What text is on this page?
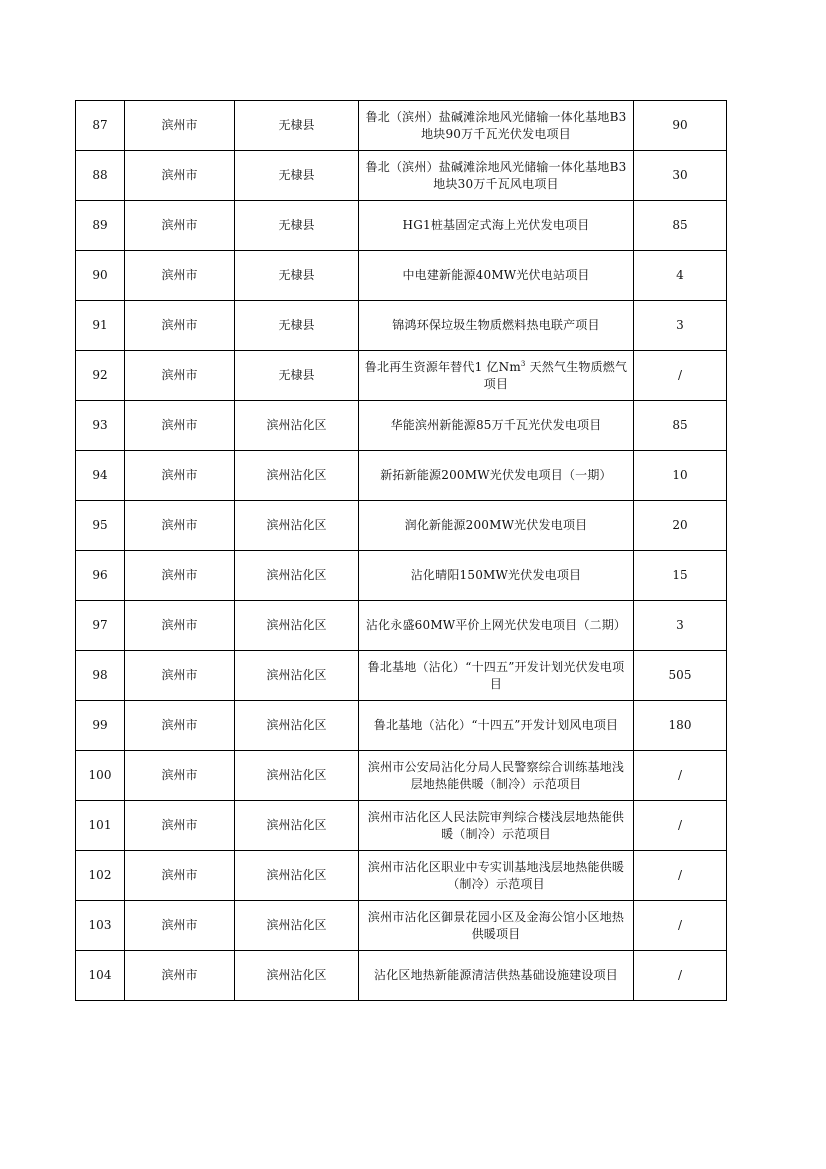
87	滨州市	无棣县	鲁北（滨州）盐碱滩涂地风光储输一体化基地B3地块90万千瓦光伏发电项目	90
88	滨州市	无棣县	鲁北（滨州）盐碱滩涂地风光储输一体化基地B3地块30万千瓦风电项目	30
89	滨州市	无棣县	HG1桩基固定式海上光伏发电项目	85
90	滨州市	无棣县	中电建新能源40MW光伏电站项目	4
91	滨州市	无棣县	锦鸿环保垃圾生物质燃料热电联产项目	3
92	滨州市	无棣县	鲁北再生资源年替代1 亿Nm$^3$ 天然气生物质燃气项目	/
93	滨州市	滨州沾化区	华能滨州新能源85万千瓦光伏发电项目	85
94	滨州市	滨州沾化区	新拓新能源200MW光伏发电项目（一期）	10
95	滨州市	滨州沾化区	润化新能源200MW光伏发电项目	20
96	滨州市	滨州沾化区	沾化晴阳150MW光伏发电项目	15
97	滨州市	滨州沾化区	沾化永盛60MW平价上网光伏发电项目（二期）	3
98	滨州市	滨州沾化区	鲁北基地（沾化）“十四五”开发计划光伏发电项目	505
99	滨州市	滨州沾化区	鲁北基地（沾化）“十四五”开发计划风电项目	180
100	滨州市	滨州沾化区	滨州市公安局沾化分局人民警察综合训练基地浅层地热能供暖（制冷）示范项目	/
101	滨州市	滨州沾化区	滨州市沾化区人民法院审判综合楼浅层地热能供暖（制冷）示范项目	/
102	滨州市	滨州沾化区	滨州市沾化区职业中专实训基地浅层地热能供暖（制冷）示范项目	/
103	滨州市	滨州沾化区	滨州市沾化区御景花园小区及金海公馆小区地热供暖项目	/
104	滨州市	滨州沾化区	沾化区地热新能源清洁供热基础设施建设项目	/
